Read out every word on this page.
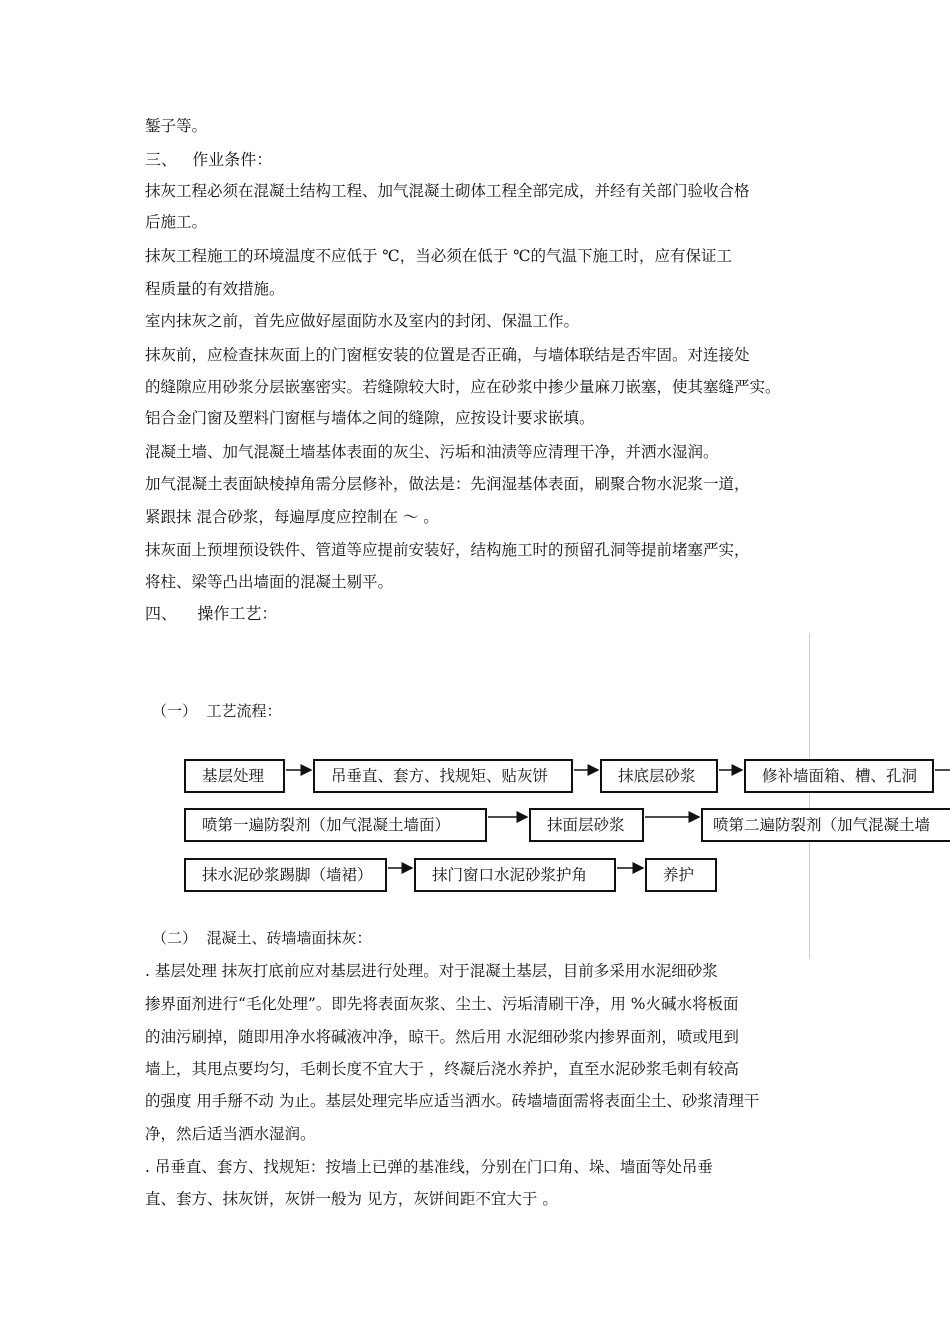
錾子等。
三、 作业条件：
抹灰工程必须在混凝土结构工程、加气混凝土砌体工程全部完成，并经有关部门验收合格
后施工。
抹灰工程施工的环境温度不应低于 ℃，当必须在低于 ℃的气温下施工时，应有保证工
程质量的有效措施。
室内抹灰之前，首先应做好屋面防水及室内的封闭、保温工作。
抹灰前，应检查抹灰面上的门窗框安装的位置是否正确，与墙体联结是否牢固。对连接处
的缝隙应用砂浆分层嵌塞密实。若缝隙较大时，应在砂浆中掺少量麻刀嵌塞，使其塞缝严实。
铝合金门窗及塑料门窗框与墙体之间的缝隙，应按设计要求嵌填。
混凝土墙、加气混凝土墙基体表面的灰尘、污垢和油渍等应清理干净，并洒水湿润。
加气混凝土表面缺棱掉角需分层修补，做法是：先润湿基体表面，刷聚合物水泥浆一道，
紧跟抹 混合砂浆，每遍厚度应控制在 ～ 。
抹灰面上预埋预设铁件、管道等应提前安装好，结构施工时的预留孔洞等提前堵塞严实，
将柱、梁等凸出墙面的混凝土剔平。
四、 操作工艺：
（一）  工艺流程：
基层处理	吊垂直、套方、找规矩、贴灰饼	抹底层砂浆	修补墙面箱、槽、孔洞
喷第一遍防裂剂（加气混凝土墙面）	抹面层砂浆	喷第二遍防裂剂（加气混凝土墙
抹水泥砂浆踢脚（墙裙）	抹门窗口水泥砂浆护角	养护
（二）  混凝土、砖墙墙面抹灰：
. 基层处理 抹灰打底前应对基层进行处理。对于混凝土基层，目前多采用水泥细砂浆
掺界面剂进行“毛化处理”。即先将表面灰浆、尘土、污垢清刷干净，用 %火碱水将板面
的油污刷掉，随即用净水将碱液冲净，晾干。然后用 水泥细砂浆内掺界面剂，喷或甩到
墙上，其甩点要均匀，毛刺长度不宜大于 ，终凝后浇水养护，直至水泥砂浆毛刺有较高
的强度 用手掰不动 为止。基层处理完毕应适当洒水。砖墙墙面需将表面尘土、砂浆清理干
净，然后适当洒水湿润。
. 吊垂直、套方、找规矩：按墙上已弹的基准线，分别在门口角、垛、墙面等处吊垂
直、套方、抹灰饼，灰饼一般为 见方，灰饼间距不宜大于 。
